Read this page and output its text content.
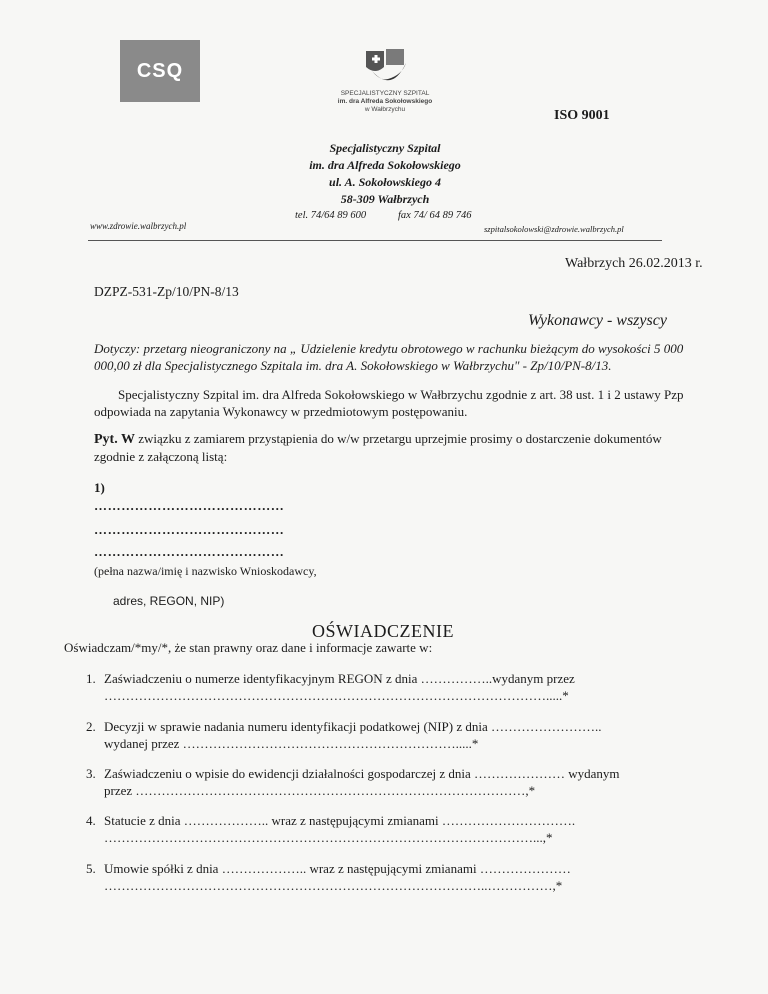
CSQ
SPECJALISTYCZNY SZPITAL
im. dra Alfreda Sokołowskiego
w Wałbrzychu	ISO 9001
Specjalistyczny Szpital
im. dra Alfreda Sokołowskiego
ul. A. Sokołowskiego 4
58-309 Wałbrzych
tel. 74/64 89 600	fax 74/ 64 89 746
www.zdrowie.walbrzych.pl	szpitalsokolowski@zdrowie.walbrzych.pl
Wałbrzych 26.02.2013 r.
DZPZ-531-Zp/10/PN-8/13
Wykonawcy - wszyscy
Dotyczy: przetarg nieograniczony na „ Udzielenie kredytu obrotowego w rachunku bieżącym do wysokości 5 000 000,00 zł dla Specjalistycznego Szpitala im. dra A. Sokołowskiego w Wałbrzychu" - Zp/10/PN-8/13.
Specjalistyczny Szpital im. dra Alfreda Sokołowskiego w Wałbrzychu zgodnie z art. 38 ust. 1 i 2 ustawy Pzp odpowiada na zapytania Wykonawcy w przedmiotowym postępowaniu.
Pyt. W związku z zamiarem przystąpienia do w/w przetargu uprzejmie prosimy o dostarczenie dokumentów zgodnie z załączoną listą:
1)
……………………………………
……………………………………
……………………………………
(pełna nazwa/imię i nazwisko Wnioskodawcy,
adres, REGON, NIP)
OŚWIADCZENIE
Oświadczam/*my/*, że stan prawny oraz dane i informacje zawarte w:
1. Zaświadczeniu o numerze identyfikacyjnym REGON z dnia ……………..wydanym przez
………………………………………………………………………………………….....*
2. Decyzji w sprawie nadania numeru identyfikacji podatkowej (NIP) z dnia ……………………..
wydanej przez ……………………………………………………….....*
3. Zaświadczeniu o wpisie do ewidencji działalności gospodarczej z dnia ………………… wydanym
przez ………………………………………………………………………………,*
4. Statucie z dnia ……………….. wraz z następującymi zmianami ………………………….
………………………………………………………………………………………...,*
5. Umowie spółki z dnia ……………….. wraz z następującymi zmianami …………………
……………………………………………………………………………..……………,*
